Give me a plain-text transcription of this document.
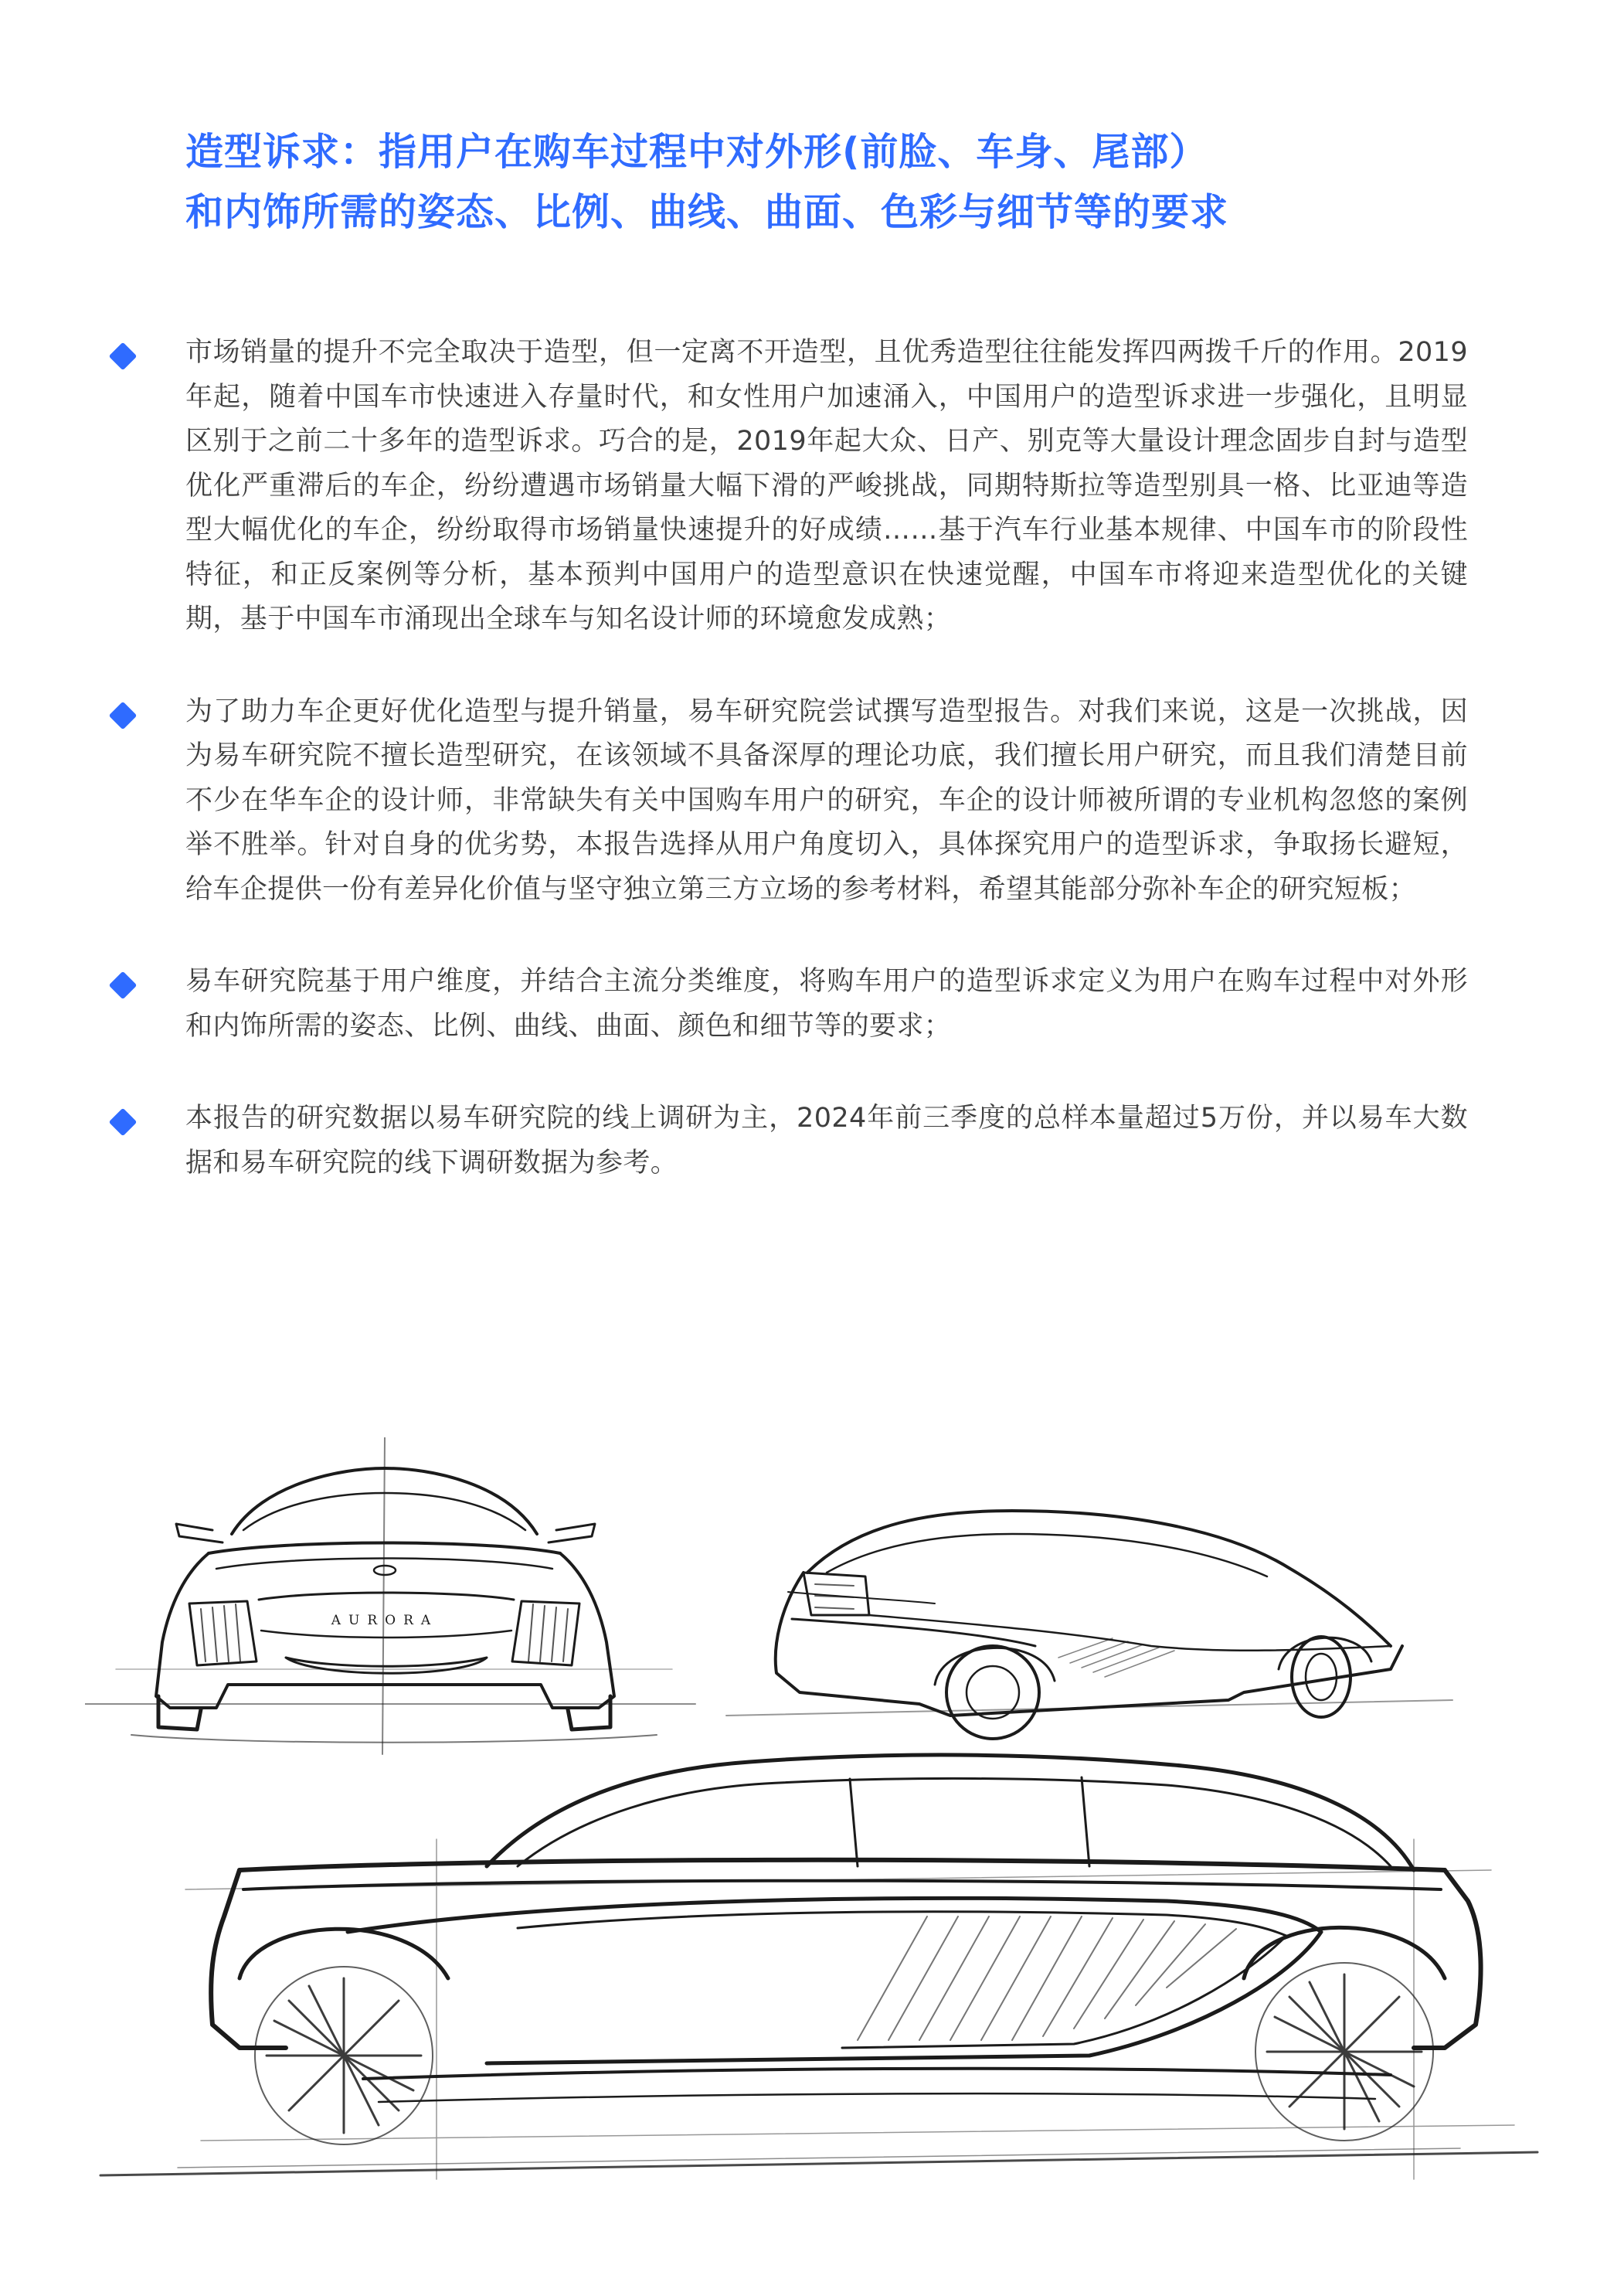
造型诉求：指用户在购车过程中对外形(前脸、车身、尾部）
和内饰所需的姿态、比例、曲线、曲面、色彩与细节等的要求
市场销量的提升不完全取决于造型，但一定离不开造型，且优秀造型往往能发挥四两拨千斤的作用。2019年起，随着中国车市快速进入存量时代，和女性用户加速涌入，中国用户的造型诉求进一步强化，且明显区别于之前二十多年的造型诉求。巧合的是，2019年起大众、日产、别克等大量设计理念固步自封与造型优化严重滞后的车企，纷纷遭遇市场销量大幅下滑的严峻挑战，同期特斯拉等造型别具一格、比亚迪等造型大幅优化的车企，纷纷取得市场销量快速提升的好成绩……基于汽车行业基本规律、中国车市的阶段性特征，和正反案例等分析，基本预判中国用户的造型意识在快速觉醒，中国车市将迎来造型优化的关键期，基于中国车市涌现出全球车与知名设计师的环境愈发成熟；
为了助力车企更好优化造型与提升销量，易车研究院尝试撰写造型报告。对我们来说，这是一次挑战，因为易车研究院不擅长造型研究，在该领域不具备深厚的理论功底，我们擅长用户研究，而且我们清楚目前不少在华车企的设计师，非常缺失有关中国购车用户的研究，车企的设计师被所谓的专业机构忽悠的案例举不胜举。针对自身的优劣势，本报告选择从用户角度切入，具体探究用户的造型诉求，争取扬长避短，给车企提供一份有差异化价值与坚守独立第三方立场的参考材料，希望其能部分弥补车企的研究短板；
易车研究院基于用户维度，并结合主流分类维度，将购车用户的造型诉求定义为用户在购车过程中对外形和内饰所需的姿态、比例、曲线、曲面、颜色和细节等的要求；
本报告的研究数据以易车研究院的线上调研为主，2024年前三季度的总样本量超过5万份，并以易车大数据和易车研究院的线下调研数据为参考。
AURORA
